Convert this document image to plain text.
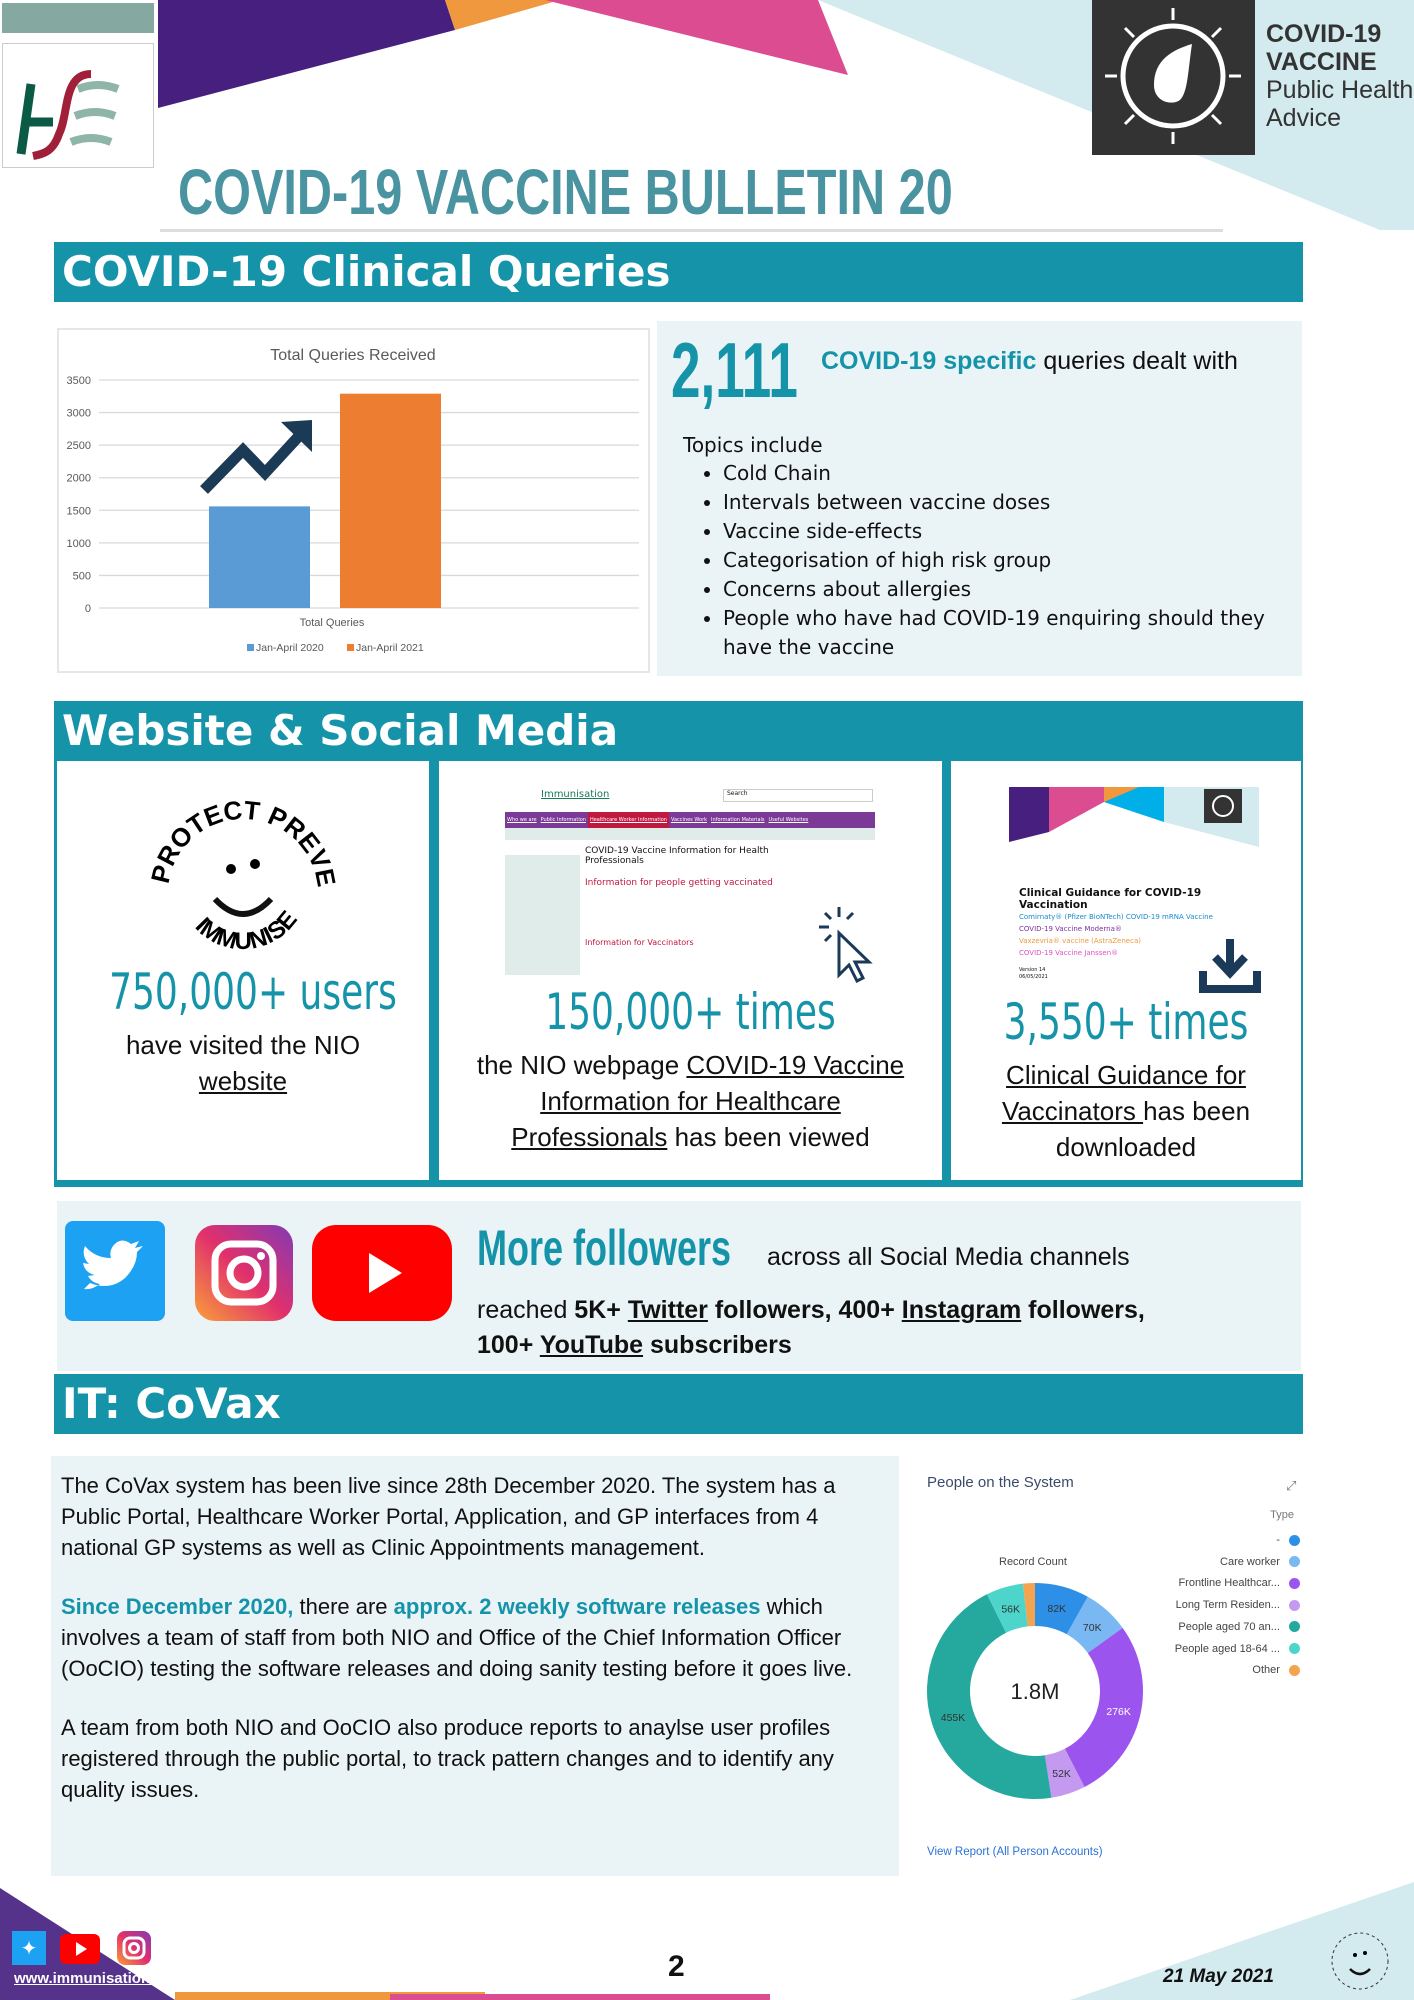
COVID-19
VACCINE
Public Health
Advice
COVID-19 VACCINE BULLETIN 20
COVID-19 Clinical Queries
Total Queries Received
0
500
1000
1500
2000
2500
3000
3500
Total Queries
Jan-April 2020	Jan-April 2021
2,111 COVID-19 specific queries dealt with
Topics include
• Cold Chain
• Intervals between vaccine doses
• Vaccine side-effects
• Categorisation of high risk group
• Concerns about allergies
• People who have had COVID-19 enquiring should they have the vaccine
Website & Social Media
PROTECT PREVE
IMMUNISE
750,000+ users
have visited the NIO
website
Immunisation	Search
Who we are Public Information Healthcare Worker Information Vaccines Work Information Materials Useful Websites
COVID-19 Vaccine Information for Health Professionals
Information for people getting vaccinated
Information for Vaccinators
150,000+ times
the NIO webpage COVID-19 Vaccine Information for Healthcare Professionals has been viewed
Clinical Guidance for COVID-19 Vaccination
Comirnaty® (Pfizer BioNTech) COVID-19 mRNA Vaccine
COVID-19 Vaccine Moderna®
Vaxzevria® vaccine (AstraZeneca)
COVID-19 Vaccine Janssen®
Version 14
06/05/2021
3,550+ times
Clinical Guidance for Vaccinators has been downloaded
More followers across all Social Media channels
reached 5K+ Twitter followers, 400+ Instagram followers,
100+ YouTube subscribers
IT: CoVax

The CoVax system has been live since 28th December 2020. The system has a Public Portal, Healthcare Worker Portal, Application, and GP interfaces from 4 national GP systems as well as Clinic Appointments management.

Since December 2020, there are approx. 2 weekly software releases which involves a team of staff from both NIO and Office of the Chief Information Officer (OoCIO) testing the software releases and doing sanity testing before it goes live.

A team from both NIO and OoCIO also produce reports to anaylse user profiles registered through the public portal, to track pattern changes and to identify any quality issues.

People on the System	⤢
Record Count
Type
-
Care worker
Frontline Healthcar...
Long Term Residen...
People aged 70 an...
People aged 18-64 ...
Other
82K
70K
276K
52K
455K
56K
1.8M
View Report (All Person Accounts)
✦
www.immunisation.ie	2	21 May 2021
